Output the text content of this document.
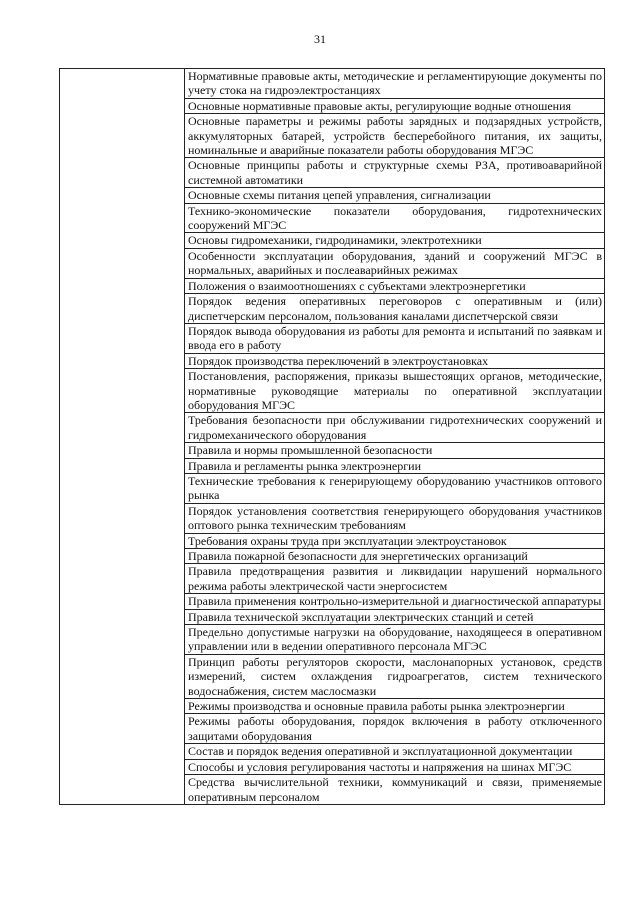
31
	Нормативные правовые акты, методические и регламентирующие документы по учету стока на гидроэлектростанциях
Основные нормативные правовые акты, регулирующие водные отношения
Основные параметры и режимы работы зарядных и подзарядных устройств, аккумуляторных батарей, устройств бесперебойного питания, их защиты, номинальные и аварийные показатели работы оборудования МГЭС
Основные принципы работы и структурные схемы РЗА, противоаварийной системной автоматики
Основные схемы питания цепей управления, сигнализации
Технико-экономические показатели оборудования, гидротехнических сооружений МГЭС
Основы гидромеханики, гидродинамики, электротехники
Особенности эксплуатации оборудования, зданий и сооружений МГЭС в нормальных, аварийных и послеаварийных режимах
Положения о взаимоотношениях с субъектами электроэнергетики
Порядок ведения оперативных переговоров с оперативным и (или) диспетчерским персоналом, пользования каналами диспетчерской связи
Порядок вывода оборудования из работы для ремонта и испытаний по заявкам и ввода его в работу
Порядок производства переключений в электроустановках
Постановления, распоряжения, приказы вышестоящих органов, методические, нормативные руководящие материалы по оперативной эксплуатации оборудования МГЭС
Требования безопасности при обслуживании гидротехнических сооружений и гидромеханического оборудования
Правила и нормы промышленной безопасности
Правила и регламенты рынка электроэнергии
Технические требования к генерирующему оборудованию участников оптового рынка
Порядок установления соответствия генерирующего оборудования участников оптового рынка техническим требованиям
Требования охраны труда при эксплуатации электроустановок
Правила пожарной безопасности для энергетических организаций
Правила предотвращения развития и ликвидации нарушений нормального режима работы электрической части энергосистем
Правила применения контрольно-измерительной и диагностической аппаратуры
Правила технической эксплуатации электрических станций и сетей
Предельно допустимые нагрузки на оборудование, находящееся в оперативном управлении или в ведении оперативного персонала МГЭС
Принцип работы регуляторов скорости, маслонапорных установок, средств измерений, систем охлаждения гидроагрегатов, систем технического водоснабжения, систем маслосмазки
Режимы производства и основные правила работы рынка электроэнергии
Режимы работы оборудования, порядок включения в работу отключенного защитами оборудования
Состав и порядок ведения оперативной и эксплуатационной документации
Способы и условия регулирования частоты и напряжения на шинах МГЭС
Средства вычислительной техники, коммуникаций и связи, применяемые оперативным персоналом
